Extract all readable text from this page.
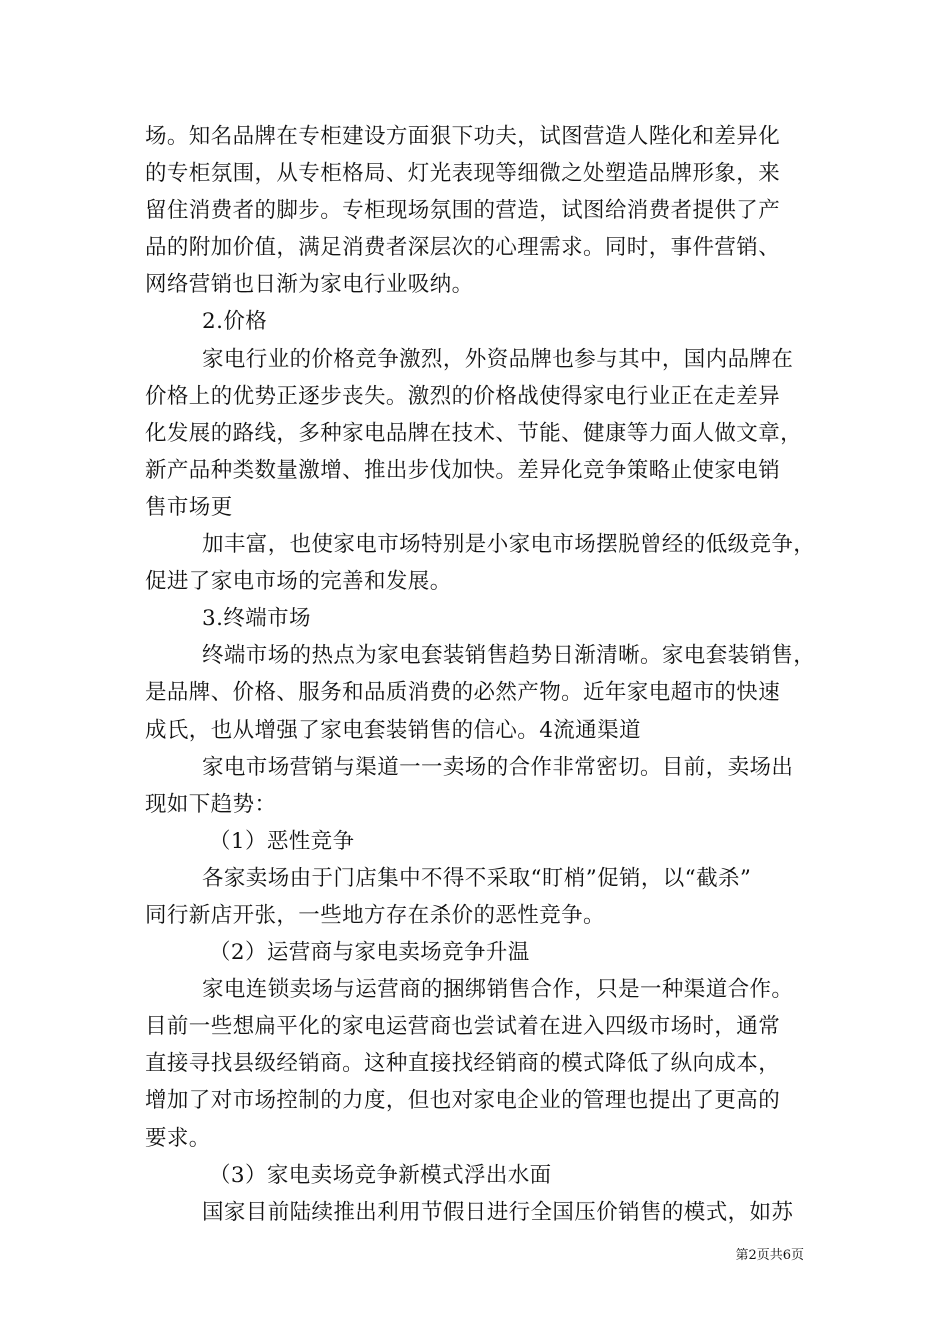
场。知名品牌在专柜建设方面狠下功夫，试图营造人陛化和差异化
的专柜氛围，从专柜格局、灯光表现等细微之处塑造品牌形象，来
留住消费者的脚步。专柜现场氛围的营造，试图给消费者提供了产
品的附加价值，满足消费者深层次的心理需求。同时，事件营销、
网络营销也日渐为家电行业吸纳。
2.价格
家电行业的价格竞争激烈，外资品牌也参与其中，国内品牌在
价格上的优势正逐步丧失。激烈的价格战使得家电行业正在走差异
化发展的路线，多种家电品牌在技术、节能、健康等力面人做文章，
新产品种类数量激增、推出步伐加快。差异化竞争策略止使家电销
售市场更
加丰富，也使家电市场特别是小家电市场摆脱曾经的低级竞争，
促进了家电市场的完善和发展。
3.终端市场
终端市场的热点为家电套装销售趋势日渐清晰。家电套装销售，
是品牌、价格、服务和品质消费的必然产物。近年家电超市的快速
成氏，也从增强了家电套装销售的信心。4流通渠道
家电市场营销与渠道一一卖场的合作非常密切。目前，卖场出
现如下趋势：
（1）恶性竞争
各家卖场由于门店集中不得不采取“盯梢”促销，以“截杀”
同行新店开张，一些地方存在杀价的恶性竞争。
（2）运营商与家电卖场竞争升温
家电连锁卖场与运营商的捆绑销售合作，只是一种渠道合作。
目前一些想扁平化的家电运营商也尝试着在进入四级市场时，通常
直接寻找县级经销商。这种直接找经销商的模式降低了纵向成本，
增加了对市场控制的力度，但也对家电企业的管理也提出了更高的
要求。
（3）家电卖场竞争新模式浮出水面
国家目前陆续推出利用节假日进行全国压价销售的模式，如苏
第2页共6页
